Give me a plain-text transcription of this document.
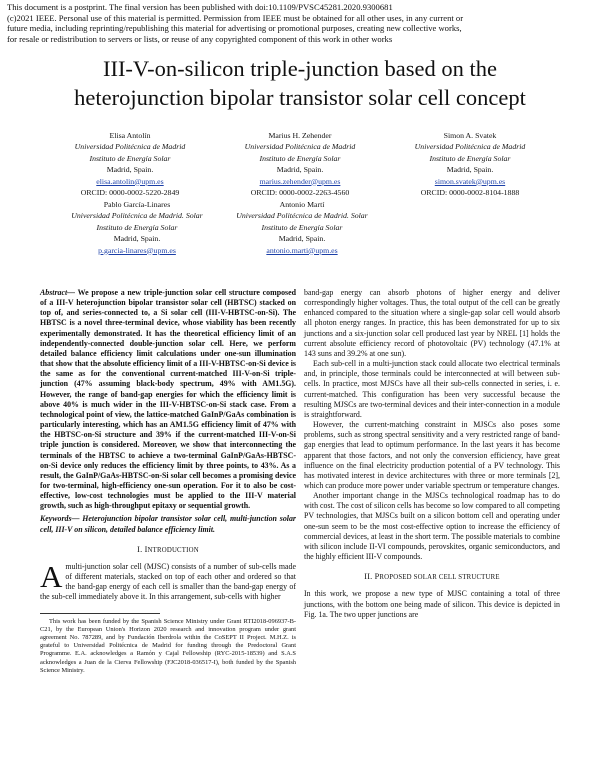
This document is a postprint. The final version has been published with doi:10.1109/PVSC45281.2020.9300681

(c)2021 IEEE. Personal use of this material is permitted. Permission from IEEE must be obtained for all other uses, in any current or

future media, including reprinting/republishing this material for advertising or promotional purposes, creating new collective works,

for resale or redistribution to servers or lists, or reuse of any copyrighted component of this work in other works

III-V-on-silicon triple-junction based on the
heterojunction bipolar transistor solar cell concept
Elisa Antolín
Universidad Politécnica de Madrid
Instituto de Energía Solar
Madrid, Spain.
elisa.antolin@upm.es
ORCID: 0000-0002-5220-2849
Marius H. Zehender
Universidad Politécnica de Madrid
Instituto de Energía Solar
Madrid, Spain.
marius.zehender@upm.es
ORCID: 0000-0002-2263-4560
Simon A. Svatek
Universidad Politécnica de Madrid
Instituto de Energía Solar
Madrid, Spain.
simon.svatek@upm.es
ORCID: 0000-0002-8104-1888
Pablo García-Linares
Universidad Politécnica de Madrid. Solar
Instituto de Energía Solar
Madrid, Spain.
p.garcia-linares@upm.es
Antonio Martí
Universidad Politécnica de Madrid. Solar
Instituto de Energía Solar
Madrid, Spain.
antonio.marti@upm.es
Abstract— We propose a new triple-junction solar cell structure composed of a III-V heterojunction bipolar transistor solar cell (HBTSC) stacked on top of, and series-connected to, a Si solar cell (III-V-HBTSC-on-Si). The HBTSC is a novel three-terminal device, whose viability has been recently experimentally demonstrated. It has the theoretical efficiency limit of an independently-connected double-junction solar cell. Here, we perform detailed balance efficiency limit calculations under one-sun illumination that show that the absolute efficiency limit of a III-V-HBTSC-on-Si device is the same as for the conventional current-matched III-V-on-Si triple-junction (47% assuming black-body spectrum, 49% with AM1.5G). However, the range of band-gap energies for which the efficiency limit is above 40% is much wider in the III-V-HBTSC-on-Si stack case. From a technological point of view, the lattice-matched GaInP/GaAs combination is particularly interesting, which has an AM1.5G efficiency limit of 47% with the HBTSC-on-Si structure and 39% if the current-matched III-V-on-Si triple junction is considered. Moreover, we show that interconnecting the terminals of the HBTSC to achieve a two-terminal GaInP/GaAs-HBTSC-on-Si device only reduces the efficiency limit by three points, to 43%. As a result, the GaInP/GaAs-HBTSC-on-Si solar cell becomes a promising device for two-terminal, high-efficiency one-sun operation. For it to also be cost-effective, low-cost technologies must be applied to the III-V material growth, such as high-throughput epitaxy or sequential growth.
Keywords— Heterojunction bipolar transistor solar cell, multi-junction solar cell, III-V on silicon, detailed balance efficiency limit.
I. INTRODUCTION
Amulti-junction solar cell (MJSC) consists of a number of sub-cells made of different materials, stacked on top of each other and ordered so that the band-gap energy of each cell is smaller than the band-gap energy of the sub-cell immediately above it. In this arrangement, sub-cells with higher
This work has been funded by the Spanish Science Ministry under Grant RTI2018-096937-B-C21, by the European Union's Horizon 2020 research and innovation program under grant agreement No. 787289, and by Fundación Iberdrola within the CoSEPT II Project. M.H.Z. is grateful to Universidad Politécnica de Madrid for funding through the Predoctoral Grant Programme. E.A. acknowledges a Ramón y Cajal Fellowship (RYC-2015-18539) and S.A.S acknowledges a Juan de la Cierva Fellowship (FJC2018-036517-I), both funded by the Spanish Science Ministry.
band-gap energy can absorb photons of higher energy and deliver correspondingly higher voltages. Thus, the total output of the cell can be greatly enhanced compared to the situation where a single-gap solar cell would absorb all photon energy ranges. In practice, this has been demonstrated for up to six junctions and a six-junction solar cell produced last year by NREL [1] holds the current absolute efficiency record of photovoltaic (PV) technology (47.1% at 143 suns and 39.2% at one sun).
Each sub-cell in a multi-junction stack could allocate two electrical terminals and, in principle, those terminals could be interconnected at will between sub-cells. In practice, most MJSCs have all their sub-cells connected in series, i. e. current-matched. This configuration has been very successful because the resulting MJSCs are two-terminal devices and their inter-connection in a module is straightforward.
However, the current-matching constraint in MJSCs also poses some problems, such as strong spectral sensitivity and a very restricted range of band-gap energies that lead to optimum performance. In the last years it has become apparent that those factors, and not only the conversion efficiency, have great influence on the final electricity production potential of a PV technology. This has motivated interest in device architectures with three or more terminals [2], which can produce more power under variable spectrum or temperature changes.
Another important change in the MJSCs technological roadmap has to do with cost. The cost of silicon cells has become so low compared to all competing PV technologies, that MJSCs built on a silicon bottom cell and operating under one-sun seem to be the most cost-effective option to increase the efficiency of commercial devices, at least in the short term. The possible materials to combine with silicon include II-VI compounds, perovskites, organic semiconductors, and the highly efficient III-V compounds.
II. PROPOSED SOLAR CELL STRUCTURE
In this work, we propose a new type of MJSC containing a total of three junctions, with the bottom one being made of silicon. This device is depicted in Fig. 1a. The two upper junctions are
